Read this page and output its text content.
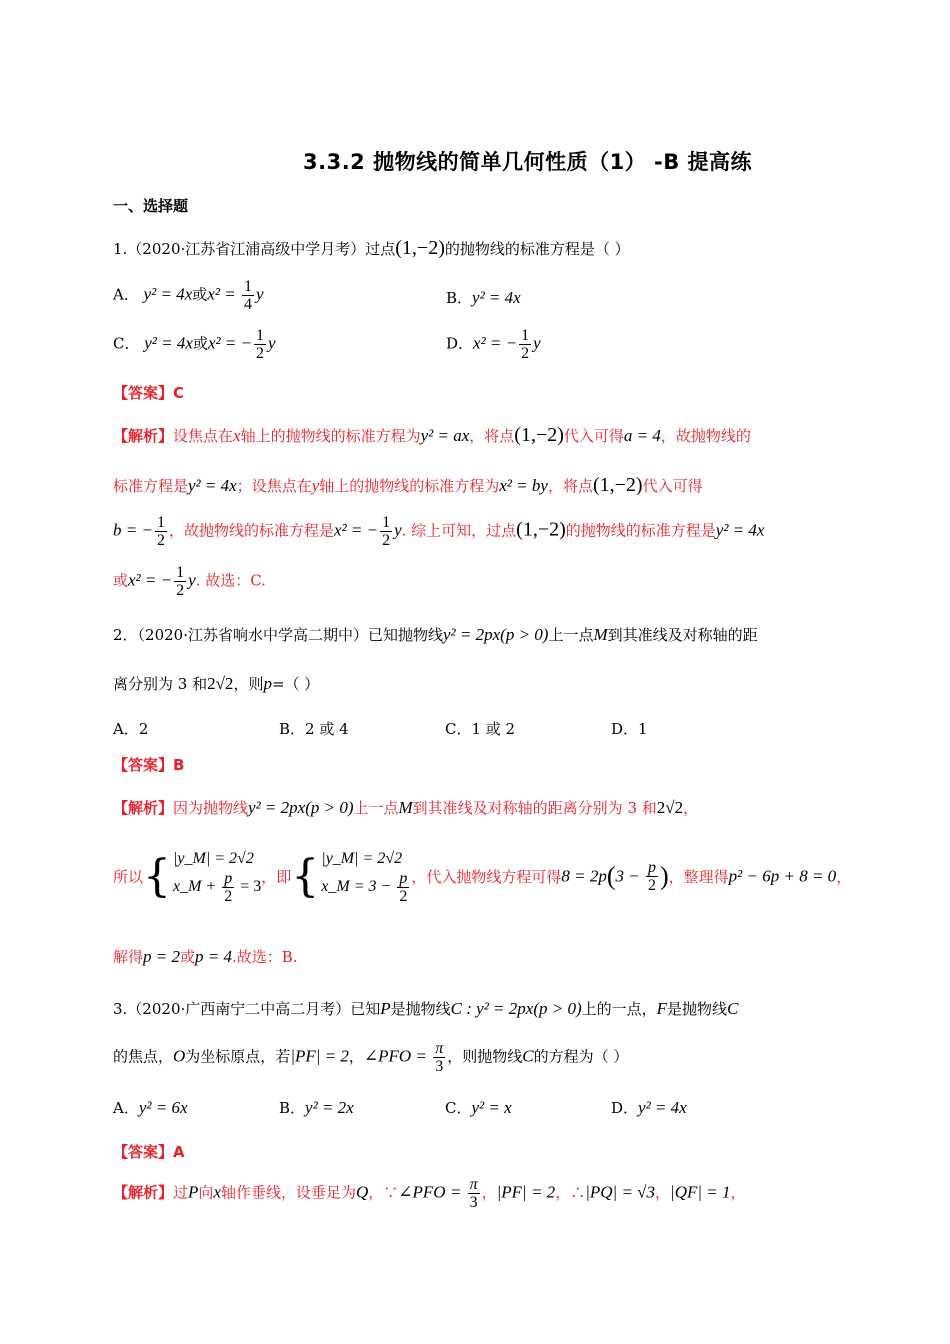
3.3.2 抛物线的简单几何性质（1） -B 提高练
一、选择题
1.（2020·江苏省江浦高级中学月考）过点(1,−2)的抛物线的标准方程是（ ）
A． y² = 4x或$x^2 = \frac{1}{4}$ y	B．y² = 4x
C． y² = 4x或x² = − $\frac{1}{2}$ y	D．x² = − $\frac{1}{2}$ y
【答案】C
【解析】设焦点在x轴上的抛物线的标准方程为y² = ax，将点(1,−2)代入可得a = 4，故抛物线的
标准方程是y² = 4x；设焦点在y轴上的抛物线的标准方程为x² = by，将点(1,−2)代入可得
b = − $\frac{1}{2}$ ，故抛物线的标准方程是x² = − $\frac{1}{2} y$. 综上可知，过点(1,−2)的抛物线的标准方程是y² = 4x
或x² = − $\frac{1}{2} y$. 故选：C.
2．（2020·江苏省响水中学高二期中）已知抛物线y² = 2px(p > 0)上一点M到其准线及对称轴的距
离分别为 3 和2√2，则p=（ ）
A．2	B．2 或 4	C．1 或 2	D．1
【答案】B
【解析】因为抛物线y² = 2px(p > 0)上一点M到其准线及对称轴的距离分别为 3 和2√2，
所以{ |y_M| = 2√2
x_M + $\frac{p}{2} = 3$
，即{ |y_M| = 2√2
x_M = $3 - \frac{p}{2}$ ，代入抛物线方程可得$8 = 2p(3 - \frac{p}{2}$ )，整理得p² − 6p + 8 = 0，
解得p = 2或p = 4.故选：B.
3.（2020·广西南宁二中高二月考）已知P是抛物线C : y² = 2px(p > 0)上的一点，F是抛物线C
的焦点，O为坐标原点，若|PF| = 2，∠PFO = $\frac{\pi}{3}$ ，则抛物线C的方程为（ ）
A．y² = 6x	B．y² = 2x	C．y² = x	D．y² = 4x
【答案】A
【解析】过P向x轴作垂线，设垂足为Q，∵∠PFO = $\frac{\pi}{3}$ ，|PF| = 2，∴|PQ| = √3，|QF| = 1，
